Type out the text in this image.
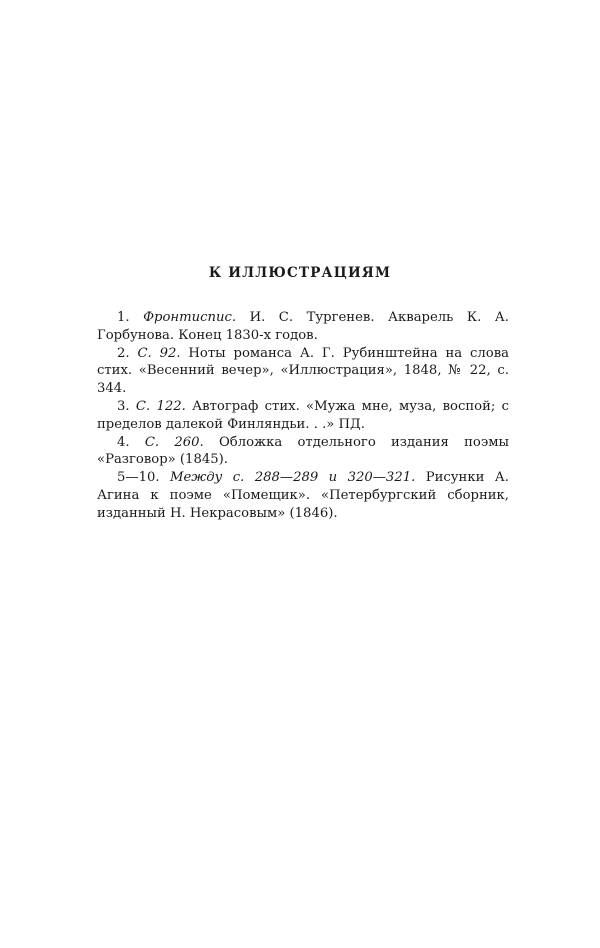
К ИЛЛЮСТРАЦИЯМ

1. Фронтиспис. И. С. Тургенев. Акварель К. А. Горбунова. Конец 1830-х годов.

2. С. 92. Ноты романса А. Г. Рубинштейна на слова стих. «Весенний вечер», «Иллюстрация», 1848, № 22, с. 344.

3. С. 122. Автограф стих. «Мужа мне, муза, воспой; с пределов далекой Финляндьи. . .» ПД.

4. С. 260. Обложка отдельного издания поэмы «Разговор» (1845).

5—10. Между с. 288—289 и 320—321. Рисунки А. Агина к поэме «Помещик». «Петербургский сборник, изданный Н. Некрасовым» (1846).
